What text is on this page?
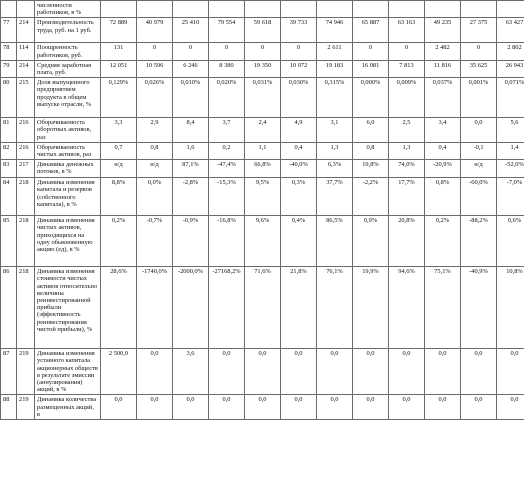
		численности работников, в %												
77	214	Производительность труда, руб. на 1 руб.	72 889	40 979	25 410	79 554	59 618	39 733	74 946	65 887	63 163	49 235	27 375	63 427
78	114	Поощренность работников, руб.	131	0	0	0	0	0	2 611	0	0	2 482	0	2 802
79	214	Средняя заработная плата, руб.	12 051	10 596	6 246	8 380	19 350	10 072	19 183	16 081	7 813	11 816	35 625	26 943
80	215	Доля выпущенного предприятием продукта в общем выпуске отрасли, %	0,129%	0,026%	0,010%	0,020%	0,031%	0,030%	0,315%	0,000%	0,009%	0,037%	0,001%	0,071%
81	216	Оборачиваемость оборотных активов, раз	3,3	2,9	8,4	3,7	2,4	4,9	3,1	6,0	2,5	3,4	0,0	5,6
82	216	Оборачиваемость чистых активов, раз	0,7	0,8	1,6	0,2	1,1	0,4	1,3	0,8	1,3	0,4	-0,1	1,4
83	217	Динамика денежных потоков, в %	н/д	н/д	87,1%	-47,4%	66,8%	-40,0%	6,3%	19,8%	74,0%	-20,9%	н/д	-52,0%
84	218	Динамика изменения капитала и резервов (собственного капитала), в %	8,8%	0,0%	-2,8%	-15,3%	9,5%	0,3%	37,7%	-2,2%	17,7%	0,8%	-60,0%	-7,0%
85	218	Динамика изменения чистых активов, приходящихся на одну обыкновенную акцию (ед), в %	0,2%	-0,7%	-0,9%	-16,8%	9,6%	0,4%	86,5%	0,9%	20,8%	0,2%	-88,2%	0,6%
86	218	Динамика изменения стоимости чистых активов относительно величины реинвестированной прибыли (эффективность реинвестирования чистой прибыли), %	28,6%	-1740,0%	-2000,0%	-27168,2%	71,6%	21,8%	76,1%	19,9%	94,6%	75,1%	-40,9%	10,8%
87	219	Динамика изменения уставного капитала акционерных обществ в результате эмиссии (аннулирования) акций, в %	2 500,0	0,0	3,6	0,0	0,0	0,0	0,0	0,0	0,0	0,0	0,0	0,0
88	219	Динамика количества размещенных акций, в	0,0	0,0	0,0	0,0	0,0	0,0	0,0	0,0	0,0	0,0	0,0	0,0
